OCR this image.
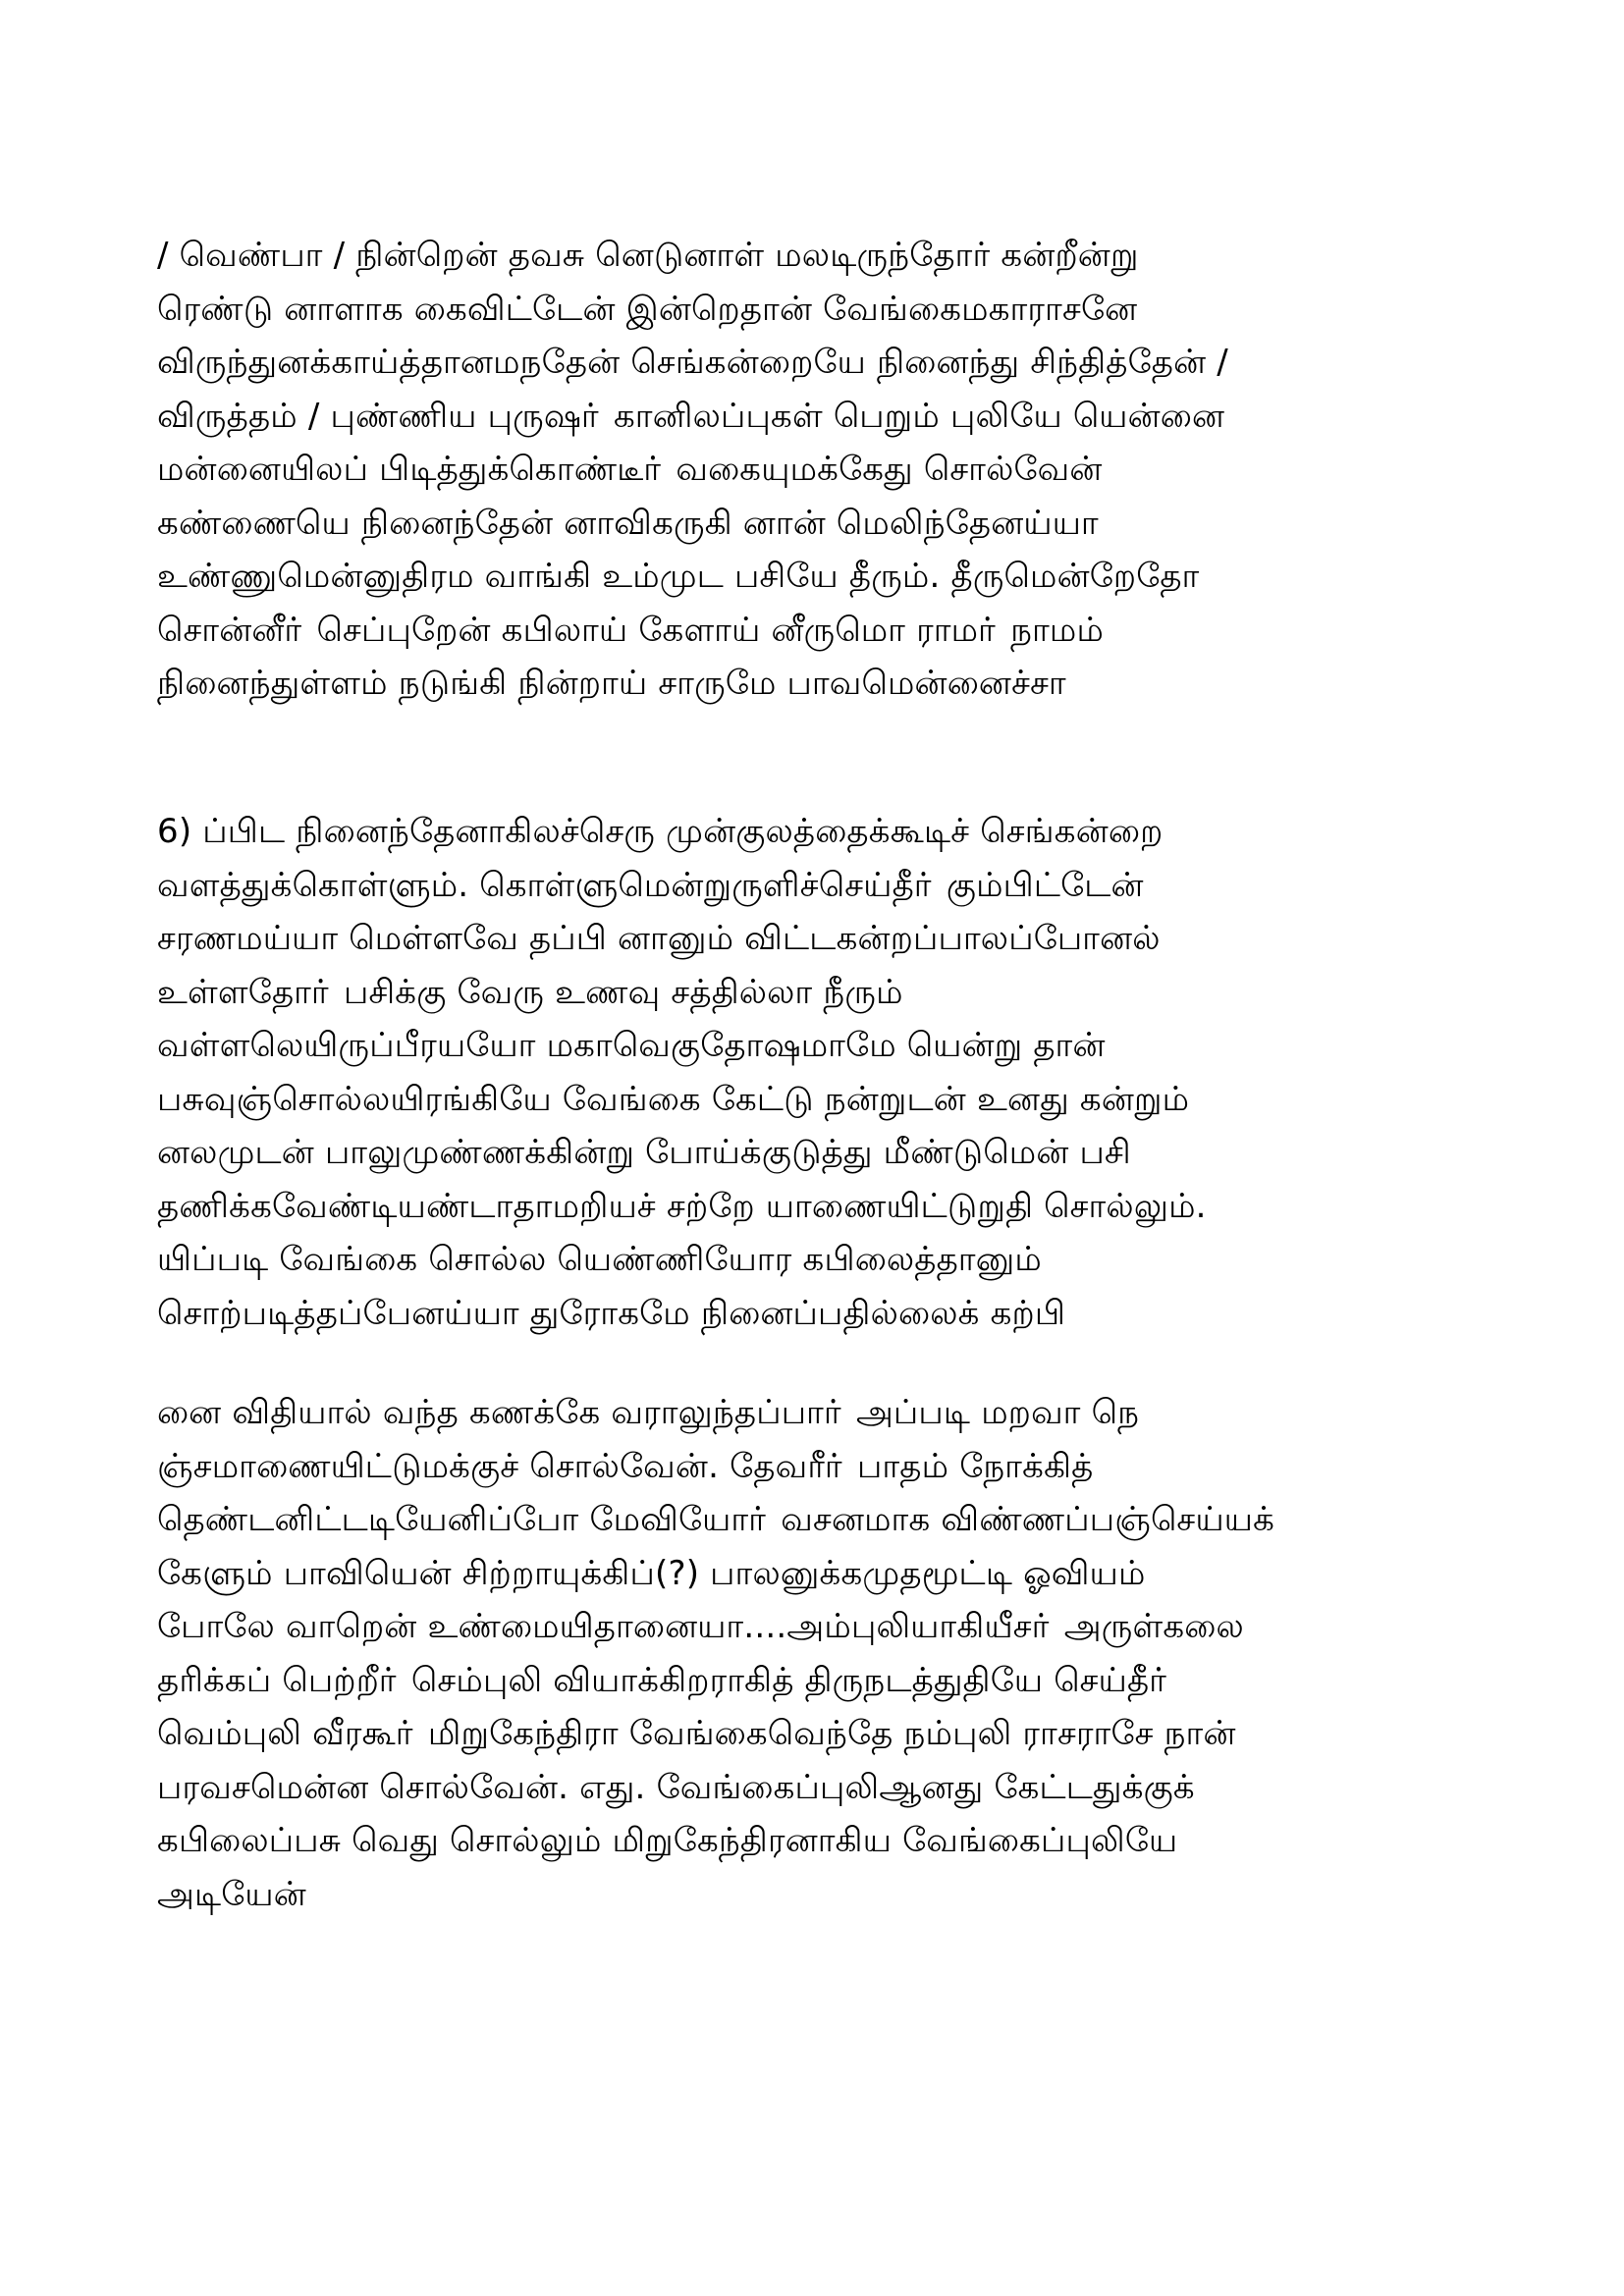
/ வெண்பா / நின்றென் தவசு னெடுனாள் மலடிருந்தோர் கன்றீன்று
ரெண்டு னாளாக கைவிட்டேன் இன்றெதான் வேங்கைமகாராசனே
விருந்துனக்காய்த்தானமநதேன் செங்கன்றையே நினைந்து சிந்தித்தேன் /
விருத்தம் / புண்ணிய புருஷா் கானிலப்புகள் பெறும் புலியே யென்னை
மன்னையிலப் பிடித்துக்கொண்டீா் வகையுமக்கேது சொல்வேன்
கண்ணையெ நினைந்தேன் னாவிகருகி னான் மெலிந்தேனய்யா
உண்ணுமென்னுதிரம வாங்கி உம்முட பசியே தீரும். தீருமென்றேதோ
சொன்னீா் செப்புறேன் கபிலாய் கேளாய் னீருமொ ராமா் நாமம்
நினைந்துள்ளம் நடுங்கி நின்றாய் சாருமே பாவமென்னைச்சா
6) ப்பிட நினைந்தேனாகிலச்செரு முன்குலத்தைக்கூடிச் செங்கன்றை
வளத்துக்கொள்ளும். கொள்ளுமென்றுருளிச்செய்தீா் கும்பிட்டேன்
சரணமய்யா மெள்ளவே தப்பி னானும் விட்டகன்றப்பாலப்போனல்
உள்ளதோா் பசிக்கு வேரு உணவு சத்தில்லா நீரும்
வள்ளலெயிருப்பீரயயோ மகாவெகுதோஷமாமே யென்று தான்
பசுவுஞ்சொல்லயிரங்கியே வேங்கை கேட்டு நன்றுடன் உனது கன்றும்
னலமுடன் பாலுமுண்ணக்கின்று போய்க்குடுத்து மீண்டுமென் பசி
தணிக்கவேண்டியண்டாதாமறியச் சற்றே யாணையிட்டுறுதி சொல்லும்.
யிப்படி வேங்கை சொல்ல யெண்ணியோர கபிலைத்தானும்
சொற்படித்தப்பேனய்யா துரோகமே நினைப்பதில்லைக் கற்பி
னை விதியால் வந்த கணக்கே வராலுந்தப்பாா் அப்படி மறவா நெ
ஞ்சமாணையிட்டுமக்குச் சொல்வேன். தேவரீா் பாதம் நோக்கித்
தெண்டனிட்டடியேனிப்போ மேவியோா் வசனமாக விண்ணப்பஞ்செய்யக்
கேளும் பாவியென் சிற்றாயுக்கிப்(?) பாலனுக்கமுதமூட்டி ஓவியம்
போலே வாறென் உண்மையிதானையா....அம்புலியாகியீசா் அருள்கலை
தரிக்கப் பெற்றீா் செம்புலி வியாக்கிறராகித் திருநடத்துதியே செய்தீா்
வெம்புலி வீரகூா் மிறுகேந்திரா வேங்கைவெந்தே நம்புலி ராசராசே நான்
பரவசமென்ன சொல்வேன். எது. வேங்கைப்புலிஆனது கேட்டதுக்குக்
கபிலைப்பசு வெது சொல்லும் மிறுகேந்திரனாகிய வேங்கைப்புலியே
அடியேன்
